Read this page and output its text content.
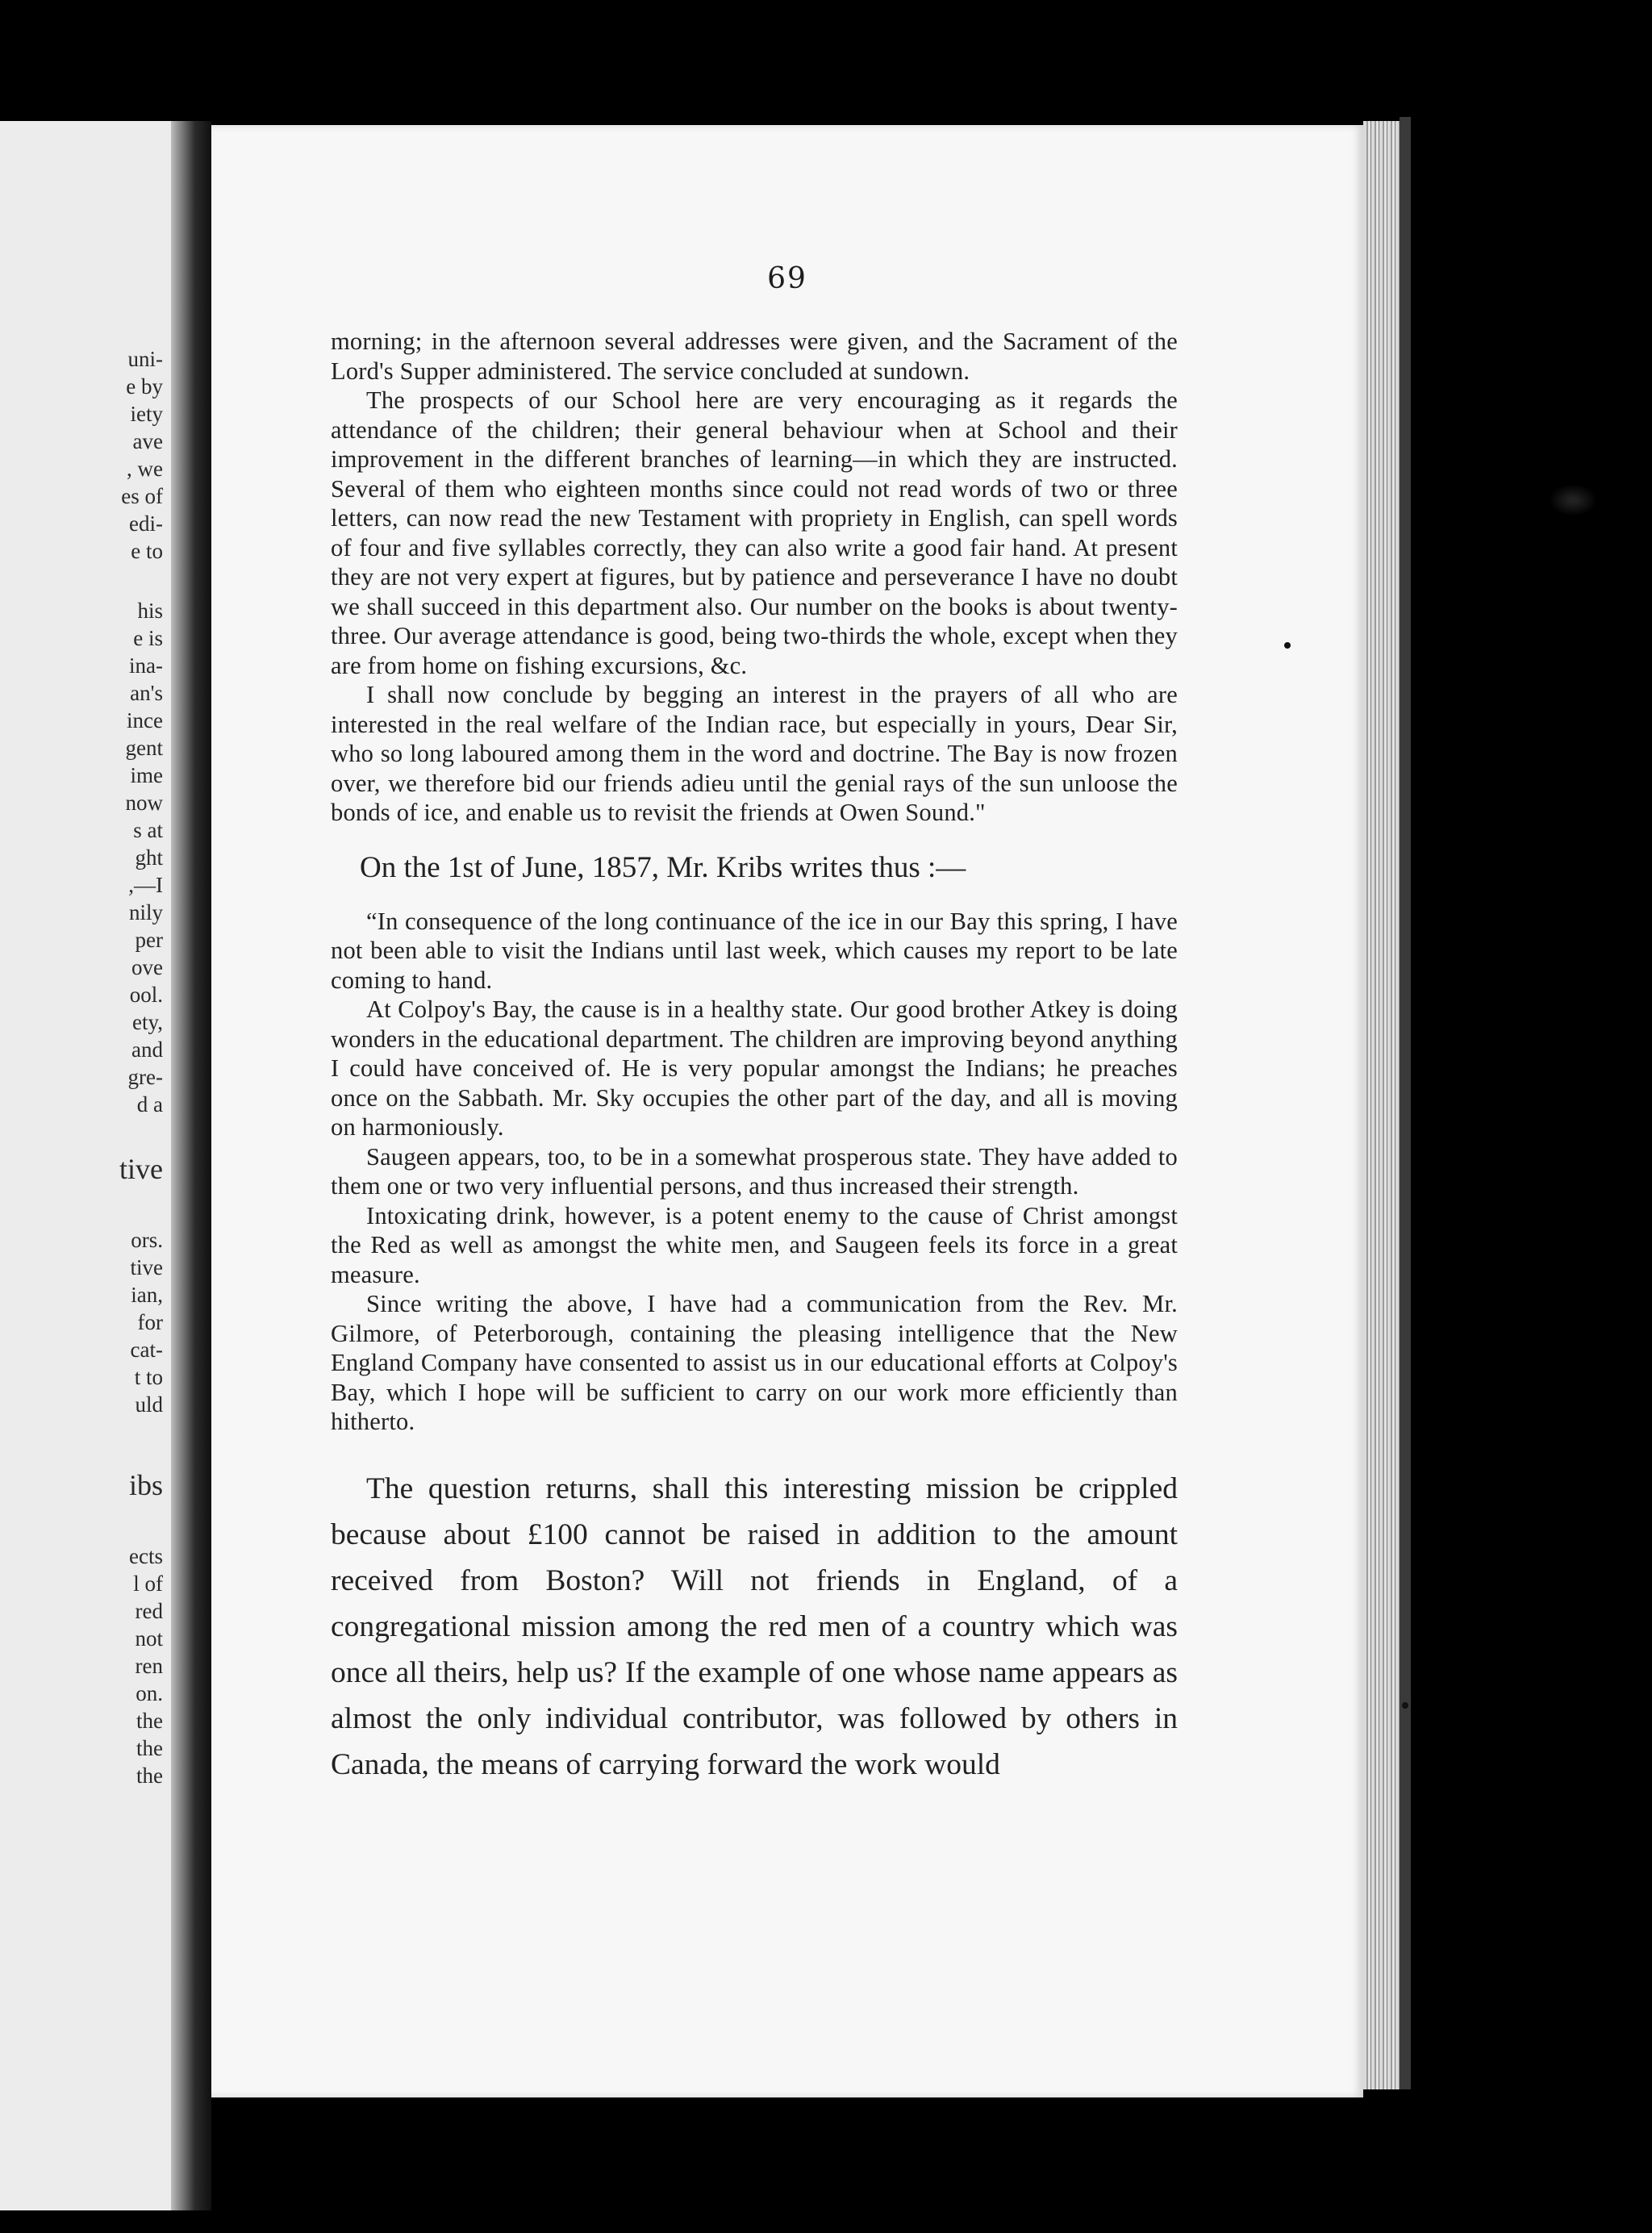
uni-
e by
iety
ave
, we
es of
edi-
e to
his
e is
ina-
an's
ince
gent
ime
now
s at
ght
,—I
nily
per
ove
ool.
ety,
and
gre-
d a
tive
ors.
tive
ian,
for
cat-
t to
uld
ibs
ects
l of
red
not
ren
on.
the
the
the
69

morning; in the afternoon several addresses were given, and the Sacrament of the Lord's Supper administered. The service concluded at sundown.

The prospects of our School here are very encouraging as it regards the attendance of the children; their general behaviour when at School and their improvement in the different branches of learning—in which they are instructed. Several of them who eighteen months since could not read words of two or three letters, can now read the new Testament with propriety in English, can spell words of four and five syllables correctly, they can also write a good fair hand. At present they are not very expert at figures, but by patience and perseverance I have no doubt we shall succeed in this department also. Our number on the books is about twenty-three. Our average attendance is good, being two-thirds the whole, except when they are from home on fishing excursions, &c.

I shall now conclude by begging an interest in the prayers of all who are interested in the real welfare of the Indian race, but especially in yours, Dear Sir, who so long laboured among them in the word and doctrine. The Bay is now frozen over, we therefore bid our friends adieu until the genial rays of the sun unloose the bonds of ice, and enable us to revisit the friends at Owen Sound."

On the 1st of June, 1857, Mr. Kribs writes thus :—

“In consequence of the long continuance of the ice in our Bay this spring, I have not been able to visit the Indians until last week, which causes my report to be late coming to hand.

At Colpoy's Bay, the cause is in a healthy state. Our good brother Atkey is doing wonders in the educational department. The children are improving beyond anything I could have conceived of. He is very popular amongst the Indians; he preaches once on the Sabbath. Mr. Sky occupies the other part of the day, and all is moving on harmoniously.

Saugeen appears, too, to be in a somewhat prosperous state. They have added to them one or two very influential persons, and thus increased their strength.

Intoxicating drink, however, is a potent enemy to the cause of Christ amongst the Red as well as amongst the white men, and Saugeen feels its force in a great measure.

Since writing the above, I have had a communication from the Rev. Mr. Gilmore, of Peterborough, containing the pleasing intelligence that the New England Company have consented to assist us in our educational efforts at Colpoy's Bay, which I hope will be sufficient to carry on our work more efficiently than hitherto.

The question returns, shall this interesting mission be crippled because about £100 cannot be raised in addition to the amount received from Boston? Will not friends in England, of a congregational mission among the red men of a country which was once all theirs, help us? If the example of one whose name appears as almost the only individual contributor, was followed by others in Canada, the means of carrying forward the work would
